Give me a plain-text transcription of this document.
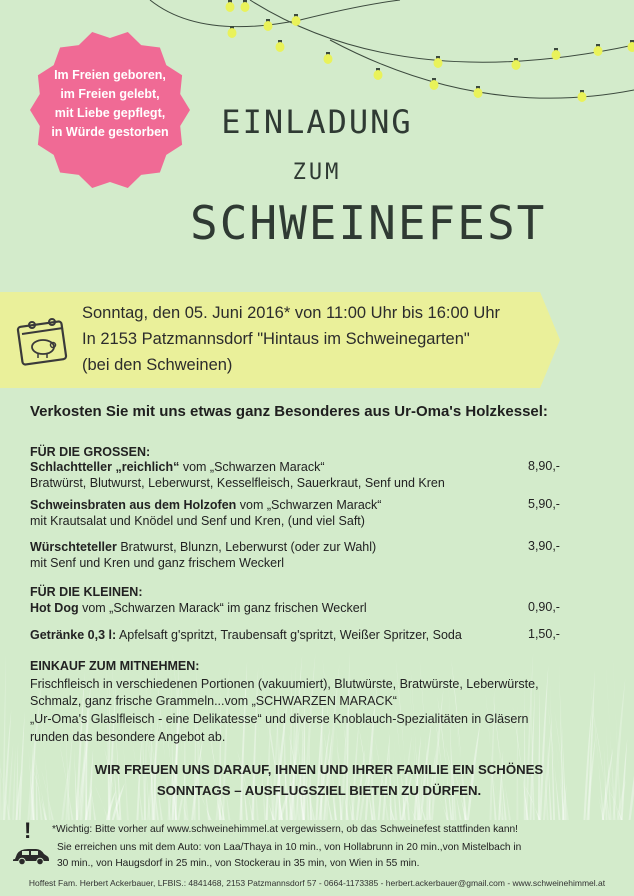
Im Freien geboren,
im Freien gelebt,
mit Liebe gepflegt,
in Würde gestorben	EINLADUNG
ZUM
SCHWEINEFEST
Sonntag, den 05. Juni 2016* von 11:00 Uhr bis 16:00 Uhr
In 2153 Patzmannsdorf "Hintaus im Schweinegarten"
(bei den Schweinen)
Verkosten Sie mit uns etwas ganz Besonderes aus Ur-Oma's Holzkessel:
FÜR DIE GROSSEN:
Schlachtteller „reichlich“ vom „Schwarzen Marack“
Bratwürst, Blutwurst, Leberwurst, Kesselfleisch, Sauerkraut, Senf und Kren
8,90,-
Schweinsbraten aus dem Holzofen vom „Schwarzen Marack“
mit Krautsalat und Knödel und Senf und Kren, (und viel Saft)
5,90,-
Würschteteller Bratwurst, Blunzn, Leberwurst (oder zur Wahl)
mit Senf und Kren und ganz frischem Weckerl
3,90,-
FÜR DIE KLEINEN:
Hot Dog vom „Schwarzen Marack“ im ganz frischen Weckerl	0,90,-
Getränke 0,3 l: Apfelsaft g'spritzt, Traubensaft g'spritzt, Weißer Spritzer, Soda	1,50,-
EINKAUF ZUM MITNEHMEN:
Frischfleisch in verschiedenen Portionen (vakuumiert), Blutwürste, Bratwürste, Leberwürste,
Schmalz, ganz frische Grammeln...vom „SCHWARZEN MARACK“
„Ur-Oma's Glaslfleisch - eine Delikatesse“ und diverse Knoblauch-Spezialitäten in Gläsern
runden das besondere Angebot ab.
WIR FREUEN UNS DARAUF, IHNEN UND IHRER FAMILIE EIN SCHÖNES
SONNTAGS – AUSFLUGSZIEL BIETEN ZU DÜRFEN.
! *Wichtig: Bitte vorher auf www.schweinehimmel.at vergewissern, ob das Schweinefest stattfinden kann!
Sie erreichen uns mit dem Auto: von Laa/Thaya in 10 min., von Hollabrunn in 20 min.,von Mistelbach in
30 min., von Haugsdorf in 25 min., von Stockerau in 35 min, von Wien in 55 min.
Hoffest Fam. Herbert Ackerbauer, LFBIS.: 4841468, 2153 Patzmannsdorf 57 - 0664-1173385 - herbert.ackerbauer@gmail.com - www.schweinehimmel.at
